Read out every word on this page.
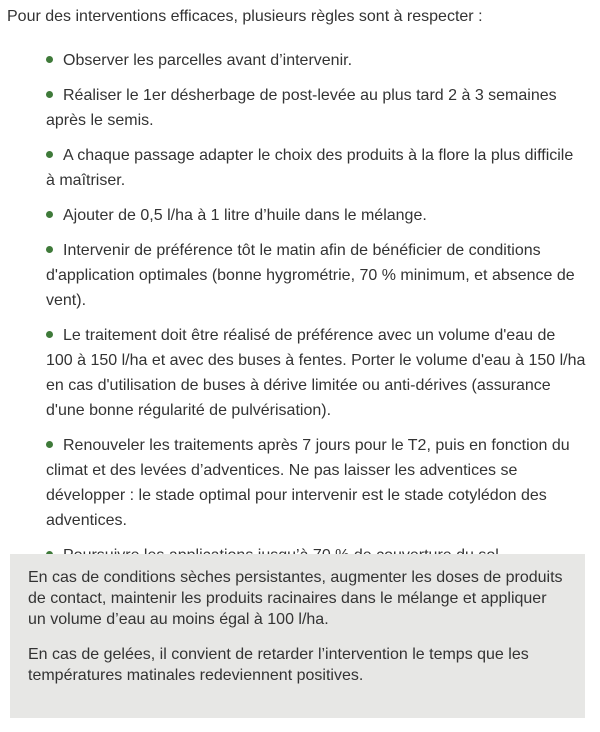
Pour des interventions efficaces, plusieurs règles sont à respecter :

Observer les parcelles avant d’intervenir.
Réaliser le 1er désherbage de post-levée au plus tard 2 à 3 semaines après le semis.
A chaque passage adapter le choix des produits à la flore la plus difficile à maîtriser.
Ajouter de 0,5 l/ha à 1 litre d’huile dans le mélange.
Intervenir de préférence tôt le matin afin de bénéficier de conditions d'application optimales (bonne hygrométrie, 70 % minimum, et absence de vent).
Le traitement doit être réalisé de préférence avec un volume d'eau de 100 à 150 l/ha et avec des buses à fentes. Porter le volume d'eau à 150 l/ha en cas d'utilisation de buses à dérive limitée ou anti-dérives (assurance d'une bonne régularité de pulvérisation).
Renouveler les traitements après 7 jours pour le T2, puis en fonction du climat et des levées d’adventices. Ne pas laisser les adventices se développer : le stade optimal pour intervenir est le stade cotylédon des adventices.

En cas de conditions sèches persistantes, augmenter les doses de produits de contact, maintenir les produits racinaires dans le mélange et appliquer un volume d’eau au moins égal à 100 l/ha.

En cas de gelées, il convient de retarder l’intervention le temps que les températures matinales redeviennent positives.
